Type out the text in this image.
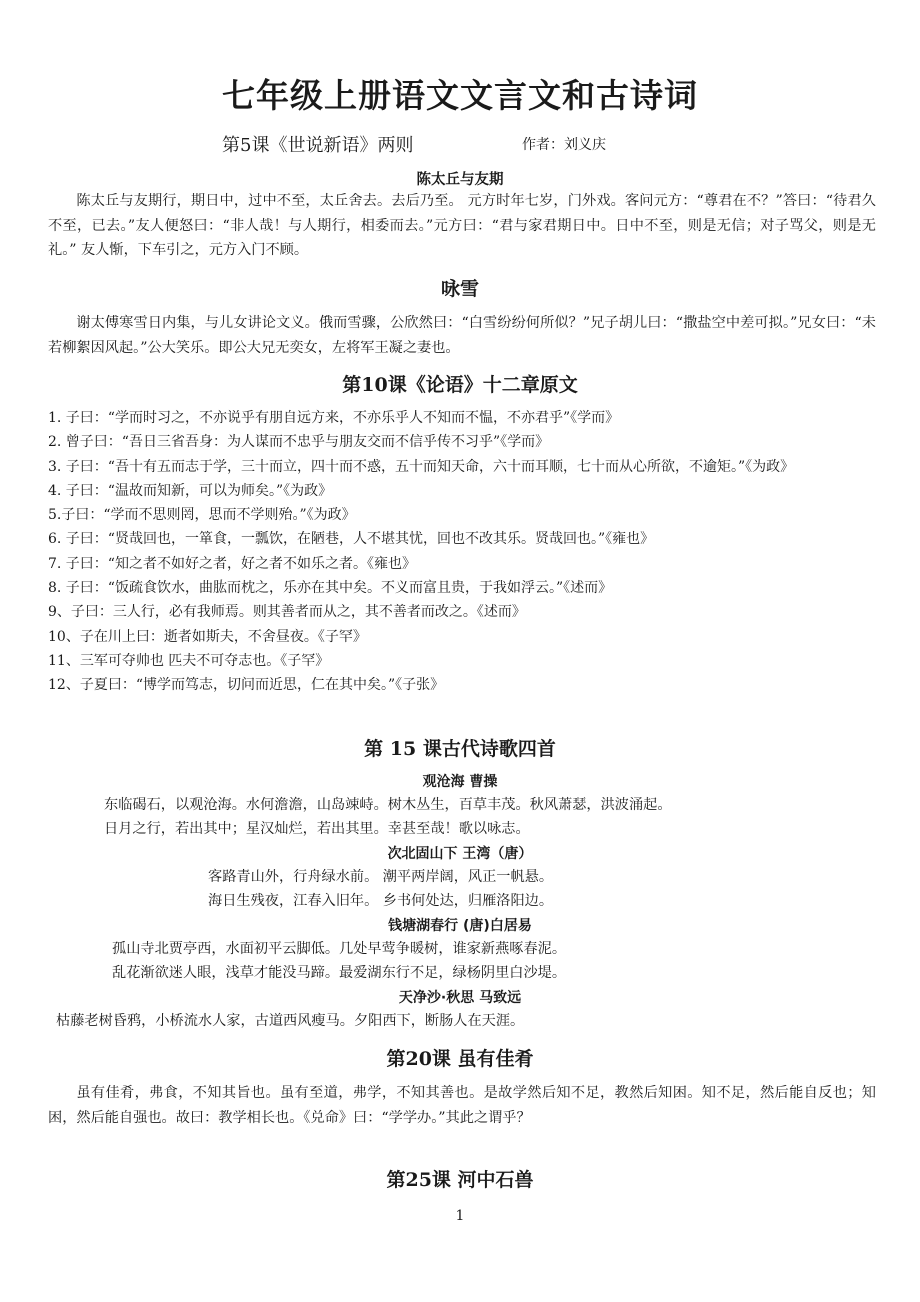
七年级上册语文文言文和古诗词
第5课《世说新语》两则	作者：刘义庆
陈太丘与友期

陈太丘与友期行，期日中，过中不至，太丘舍去。去后乃至。 元方时年七岁，门外戏。客问元方：“尊君在不？”答曰：“待君久不至，已去。”友人便怒曰：“非人哉！与人期行，相委而去。”元方曰：“君与家君期日中。日中不至，则是无信；对子骂父，则是无礼。” 友人惭，下车引之，元方入门不顾。

咏雪

谢太傅寒雪日内集，与儿女讲论文义。俄而雪骤，公欣然曰：“白雪纷纷何所似？”兄子胡儿曰：“撒盐空中差可拟。”兄女曰：“未若柳絮因风起。”公大笑乐。即公大兄无奕女，左将军王凝之妻也。

第10课《论语》十二章原文
1. 子曰：“学而时习之，不亦说乎有朋自远方来，不亦乐乎人不知而不愠，不亦君乎”《学而》
2. 曾子曰：“吾日三省吾身：为人谋而不忠乎与朋友交而不信乎传不习乎”《学而》
3. 子曰：“吾十有五而志于学，三十而立，四十而不惑，五十而知天命，六十而耳顺，七十而从心所欲，不逾矩。”《为政》
4. 子曰：“温故而知新，可以为师矣。”《为政》
5.子曰：“学而不思则罔，思而不学则殆。”《为政》
6. 子曰：“贤哉回也，一箪食，一瓢饮，在陋巷，人不堪其忧，回也不改其乐。贤哉回也。”《雍也》
7. 子曰：“知之者不如好之者，好之者不如乐之者。《雍也》
8. 子曰：“饭疏食饮水，曲肱而枕之，乐亦在其中矣。不义而富且贵，于我如浮云。”《述而》
9、子曰：三人行，必有我师焉。则其善者而从之，其不善者而改之。《述而》
10、子在川上曰：逝者如斯夫，不舍昼夜。《子罕》
11、三军可夺帅也 匹夫不可夺志也。《子罕》
12、子夏曰：“博学而笃志，切问而近思，仁在其中矣。”《子张》
第 15 课古代诗歌四首
观沧海 曹操
东临碣石，以观沧海。水何澹澹，山岛竦峙。树木丛生，百草丰茂。秋风萧瑟，洪波涌起。
日月之行，若出其中；星汉灿烂，若出其里。幸甚至哉！歌以咏志。
次北固山下 王湾（唐）
客路青山外，行舟绿水前。 潮平两岸阔，风正一帆悬。
海日生残夜，江春入旧年。 乡书何处达，归雁洛阳边。
钱塘湖春行 (唐)白居易
孤山寺北贾亭西，水面初平云脚低。几处早莺争暖树，谁家新燕啄春泥。
乱花渐欲迷人眼，浅草才能没马蹄。最爱湖东行不足，绿杨阴里白沙堤。
天净沙·秋思 马致远
枯藤老树昏鸦，小桥流水人家，古道西风瘦马。夕阳西下，断肠人在天涯。
第20课 虽有佳肴

虽有佳肴，弗食，不知其旨也。虽有至道，弗学，不知其善也。是故学然后知不足，教然后知困。知不足，然后能自反也；知困，然后能自强也。故曰：教学相长也。《兑命》曰：“学学办。”其此之谓乎？

第25课 河中石兽
1
